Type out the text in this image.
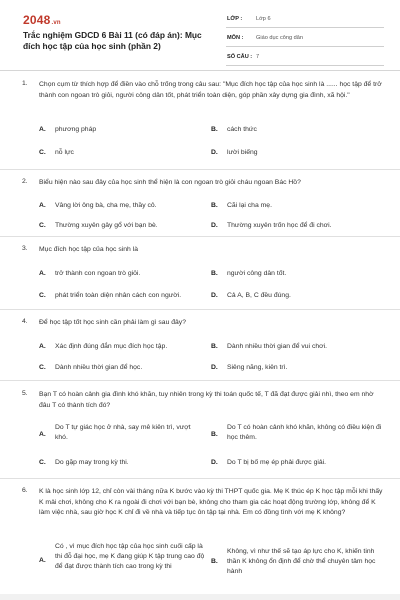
2048.vn
Trắc nghiệm GDCD 6 Bài 11 (có đáp án): Mục đích học tập của học sinh (phần 2)
LỚP : Lớp 6
MÔN : Giáo dục công dân
SỐ CÂU : 7
1. Chọn cụm từ thích hợp để điền vào chỗ trống trong câu sau: "Mục đích học tập của học sinh là ...... học tập để trở thành con ngoan trò giỏi, người công dân tốt, phát triển toàn diện, góp phần xây dựng gia đình, xã hội."
A. phương pháp	B. cách thức
C. nỗ lực	D. lười biếng
2. Biểu hiện nào sau đây của học sinh thể hiện là con ngoan trò giỏi cháu ngoan Bác Hồ?
A. Vâng lời ông bà, cha mẹ, thầy cô.	B. Cãi lại cha mẹ.
C. Thường xuyên gây gổ với bạn bè.	D. Thường xuyên trốn học để đi chơi.
3. Mục đích học tập của học sinh là
A. trở thành con ngoan trò giỏi.	B. người công dân tốt.
C. phát triển toàn diện nhân cách con người.	D. Cả A, B, C đều đúng.
4. Để học tập tốt học sinh cần phải làm gì sau đây?
A. Xác định đúng đắn mục đích học tập.	B. Dành nhiều thời gian để vui chơi.
C. Dành nhiều thời gian để học.	D. Siêng năng, kiên trì.
5. Bạn T có hoàn cảnh gia đình khó khăn, tuy nhiên trong kỳ thi toán quốc tế, T đã đạt được giải nhì, theo em nhờ đâu T có thành tích đó?
A.
Do T tự giác học ở nhà, say mê kiên trì, vượt khó.	B.
Do T có hoàn cảnh khó khăn, không có điều kiện đi học thêm.
C. Do gặp may trong kỳ thi.	D. Do T bị bố mẹ ép phải được giải.
6. K là học sinh lớp 12, chỉ còn vài tháng nữa K bước vào kỳ thi THPT quốc gia. Mẹ K thúc ép K học tập mỗi khi thấy K mải chơi, không cho K ra ngoài đi chơi với bạn bè, không cho tham gia các hoạt động trường lớp, không để K làm việc nhà, sau giờ học K chỉ đi về nhà và tiếp tục ôn tập tại nhà. Em có đồng tình với mẹ K không?
A.
Có , vì mục đích học tập của học sinh cuối cấp là thi đỗ đại học, mẹ K đang giúp K tập trung cao độ để đạt được thành tích cao trong kỳ thi
B.
Không, vì như thế sẽ tạo áp lực cho K, khiến tinh thần K không ổn định để chờ thể chuyên tâm học hành
